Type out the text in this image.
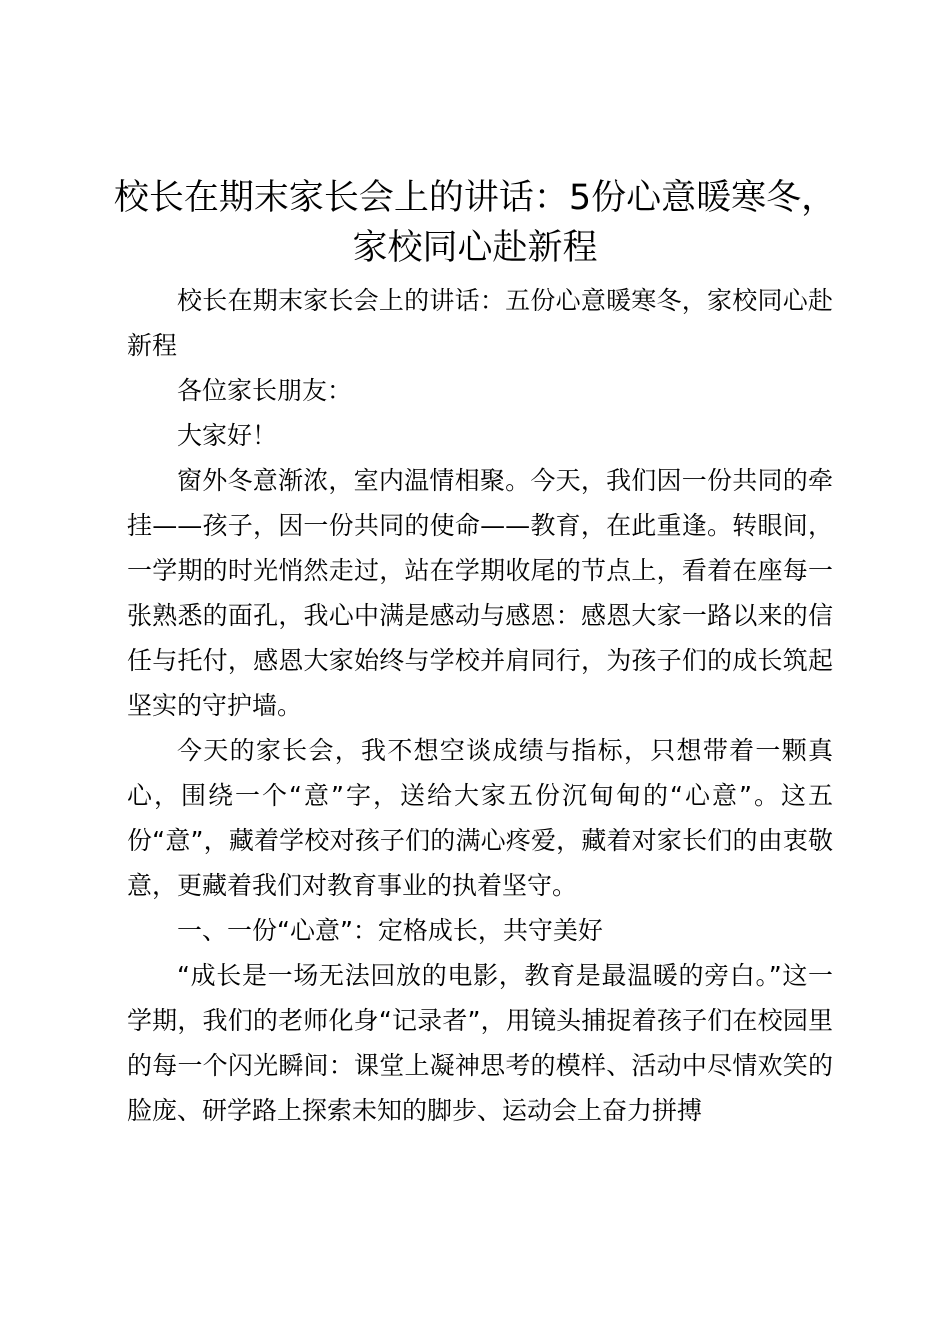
校长在期末家长会上的讲话：5份心意暖寒冬，
家校同心赴新程

校长在期末家长会上的讲话：五份心意暖寒冬，家校同心赴新程

各位家长朋友：

大家好！

窗外冬意渐浓，室内温情相聚。今天，我们因一份共同的牵挂——孩子，因一份共同的使命——教育，在此重逢。转眼间，一学期的时光悄然走过，站在学期收尾的节点上，看着在座每一张熟悉的面孔，我心中满是感动与感恩：感恩大家一路以来的信任与托付，感恩大家始终与学校并肩同行，为孩子们的成长筑起坚实的守护墙。

今天的家长会，我不想空谈成绩与指标，只想带着一颗真心，围绕一个“意”字，送给大家五份沉甸甸的“心意”。这五份“意”，藏着学校对孩子们的满心疼爱，藏着对家长们的由衷敬意，更藏着我们对教育事业的执着坚守。

一、一份“心意”：定格成长，共守美好

“成长是一场无法回放的电影，教育是最温暖的旁白。”这一学期，我们的老师化身“记录者”，用镜头捕捉着孩子们在校园里的每一个闪光瞬间：课堂上凝神思考的模样、活动中尽情欢笑的脸庞、研学路上探索未知的脚步、运动会上奋力拼搏
